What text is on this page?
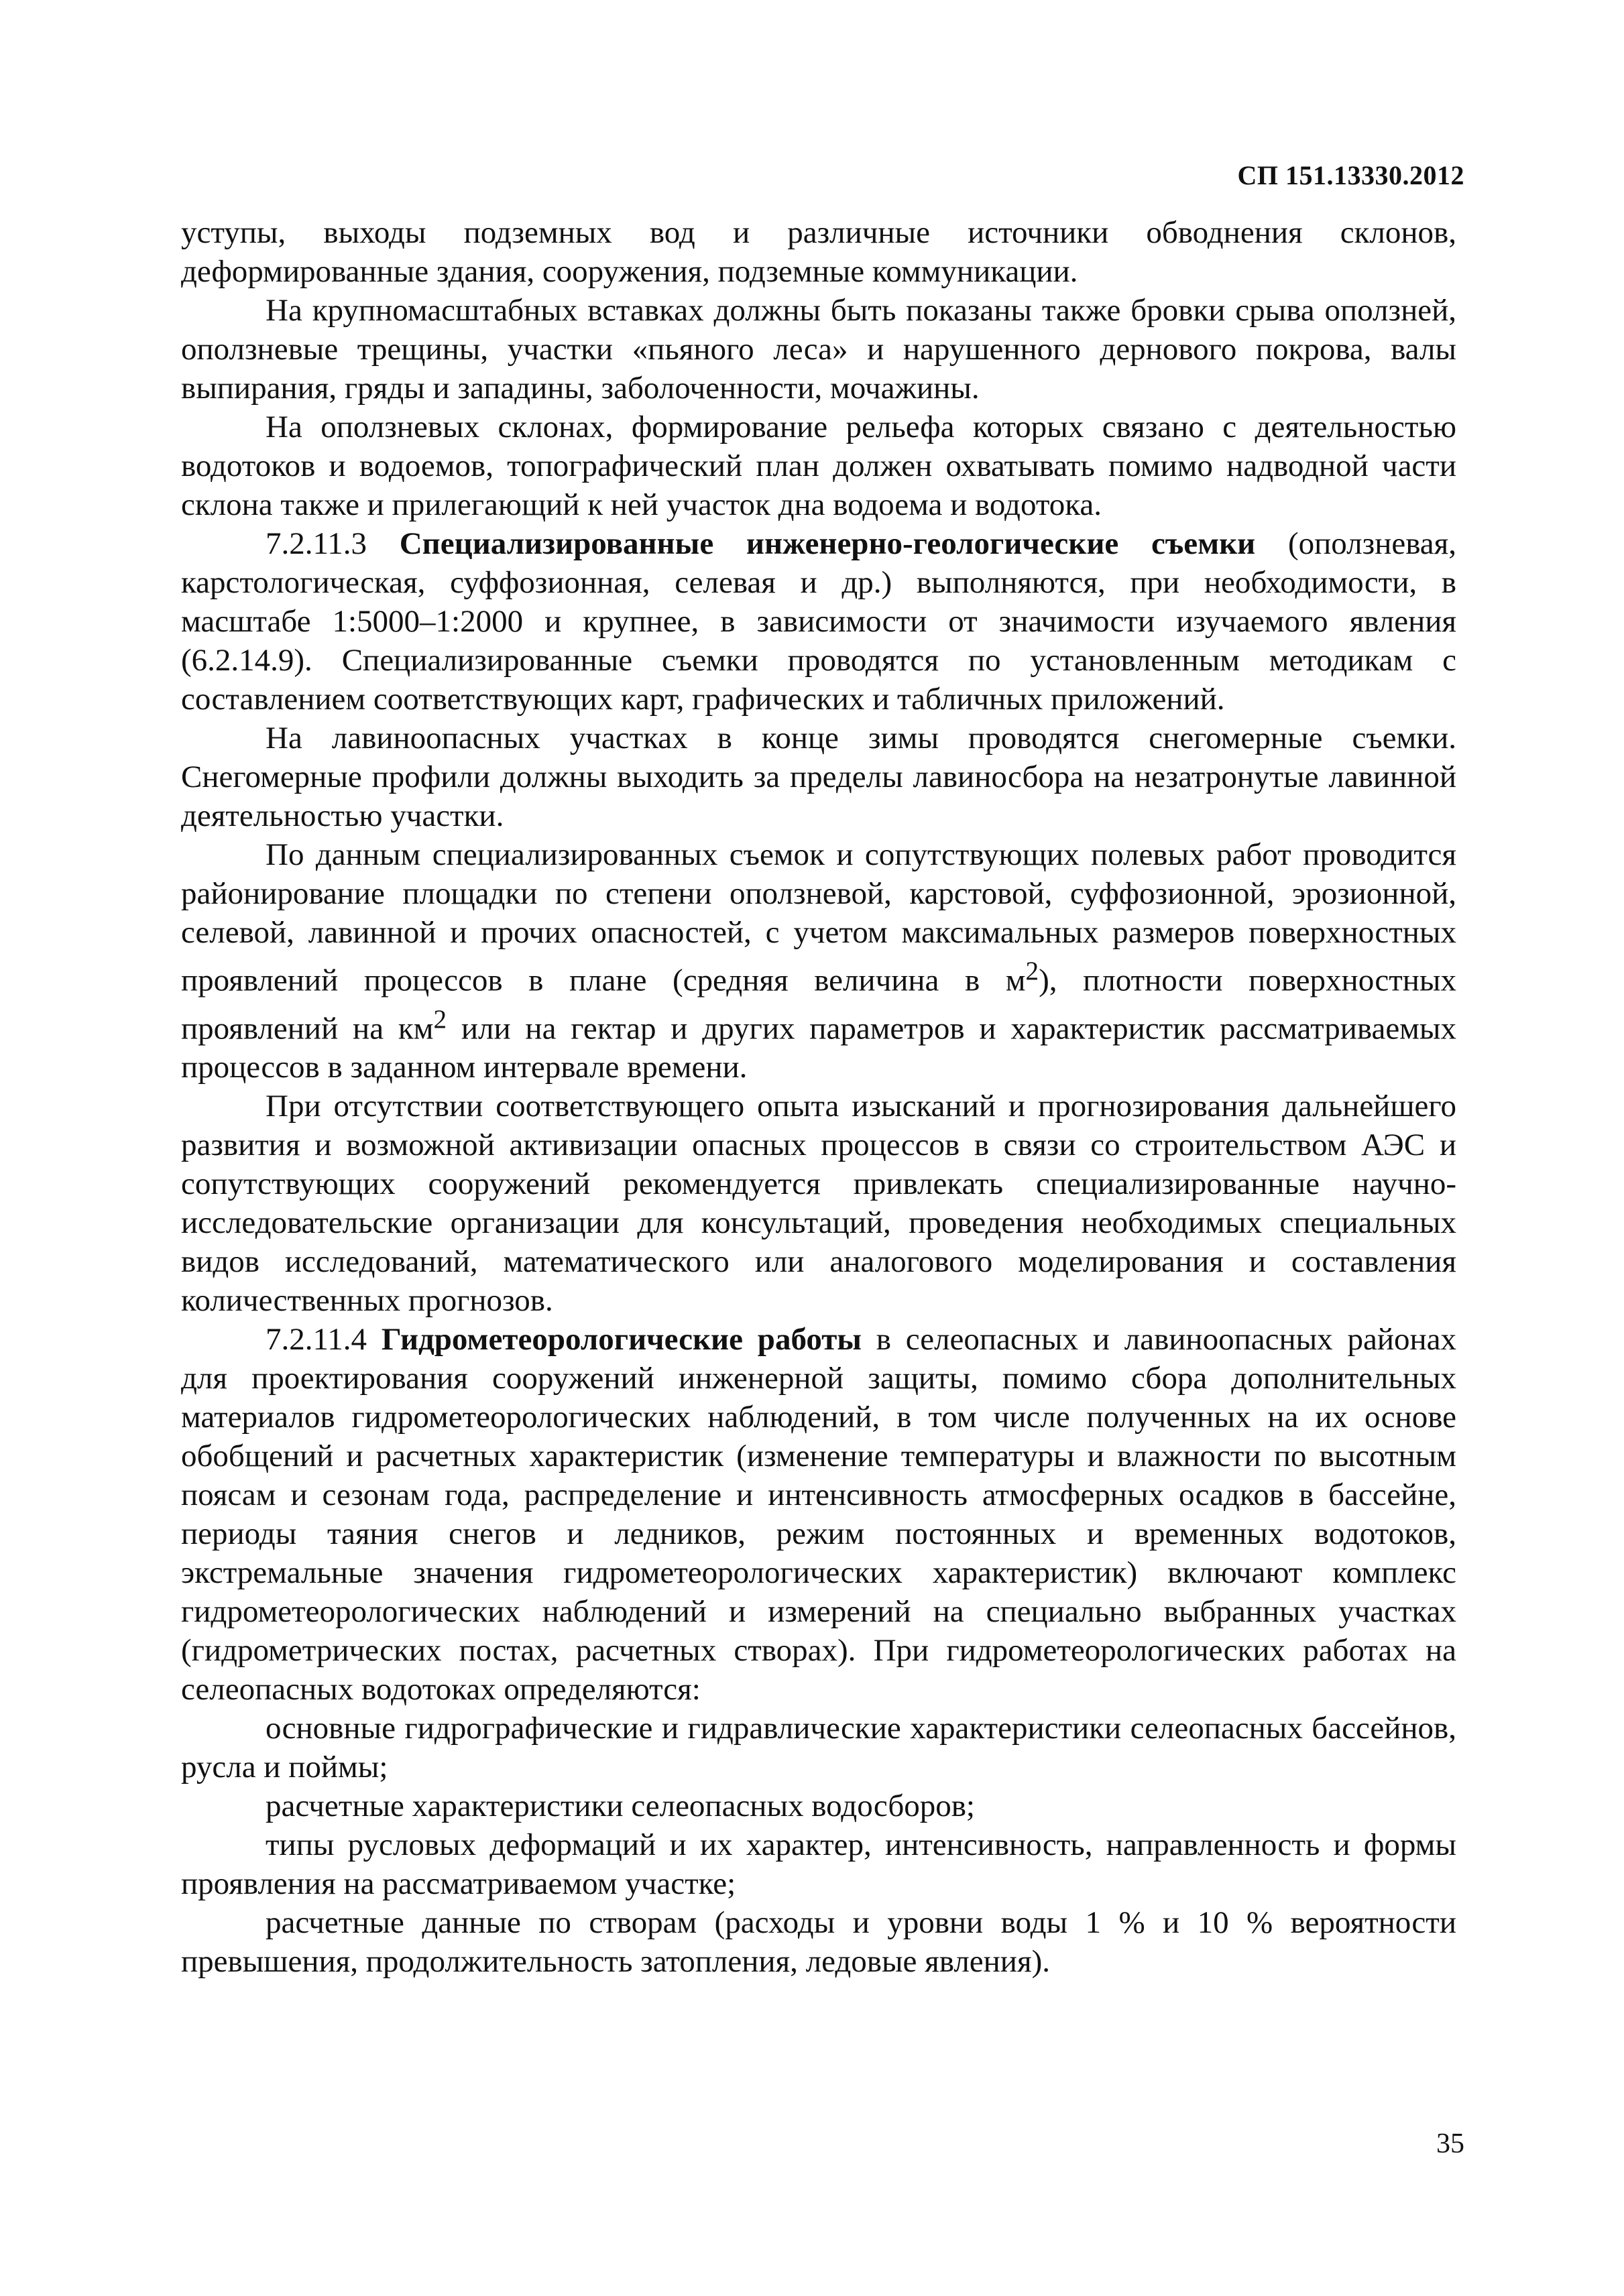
СП 151.13330.2012

уступы, выходы подземных вод и различные источники обводнения склонов, деформированные здания, сооружения, подземные коммуникации.

На крупномасштабных вставках должны быть показаны также бровки срыва оползней, оползневые трещины, участки «пьяного леса» и нарушенного дернового покрова, валы выпирания, гряды и западины, заболоченности, мочажины.

На оползневых склонах, формирование рельефа которых связано с деятельностью водотоков и водоемов, топографический план должен охватывать помимо надводной части склона также и прилегающий к ней участок дна водоема и водотока.

7.2.11.3 Специализированные инженерно-геологические съемки (оползневая, карстологическая, суффозионная, селевая и др.) выполняются, при необходимости, в масштабе 1:5000–1:2000 и крупнее, в зависимости от значимости изучаемого явления (6.2.14.9). Специализированные съемки проводятся по установленным методикам с составлением соответствующих карт, графических и табличных приложений.

На лавиноопасных участках в конце зимы проводятся снегомерные съемки. Снегомерные профили должны выходить за пределы лавиносбора на незатронутые лавинной деятельностью участки.

По данным специализированных съемок и сопутствующих полевых работ проводится районирование площадки по степени оползневой, карстовой, суффозионной, эрозионной, селевой, лавинной и прочих опасностей, с учетом максимальных размеров поверхностных проявлений процессов в плане (средняя величина в $м^2$), плотности поверхностных проявлений на $км^2$ или на гектар и других параметров и характеристик рассматриваемых процессов в заданном интервале времени.

При отсутствии соответствующего опыта изысканий и прогнозирования дальнейшего развития и возможной активизации опасных процессов в связи со строительством АЭС и сопутствующих сооружений рекомендуется привлекать специализированные научно-исследовательские организации для консультаций, проведения необходимых специальных видов исследований, математического или аналогового моделирования и составления количественных прогнозов.

7.2.11.4 Гидрометеорологические работы в селеопасных и лавиноопасных районах для проектирования сооружений инженерной защиты, помимо сбора дополнительных материалов гидрометеорологических наблюдений, в том числе полученных на их основе обобщений и расчетных характеристик (изменение температуры и влажности по высотным поясам и сезонам года, распределение и интенсивность атмосферных осадков в бассейне, периоды таяния снегов и ледников, режим постоянных и временных водотоков, экстремальные значения гидрометеорологических характеристик) включают комплекс гидрометеорологических наблюдений и измерений на специально выбранных участках (гидрометрических постах, расчетных створах). При гидрометеорологических работах на селеопасных водотоках определяются:

основные гидрографические и гидравлические характеристики селеопасных бассейнов, русла и поймы;

расчетные характеристики селеопасных водосборов;

типы русловых деформаций и их характер, интенсивность, направленность и формы проявления на рассматриваемом участке;

расчетные данные по створам (расходы и уровни воды 1 % и 10 % вероятности превышения, продолжительность затопления, ледовые явления).

35
